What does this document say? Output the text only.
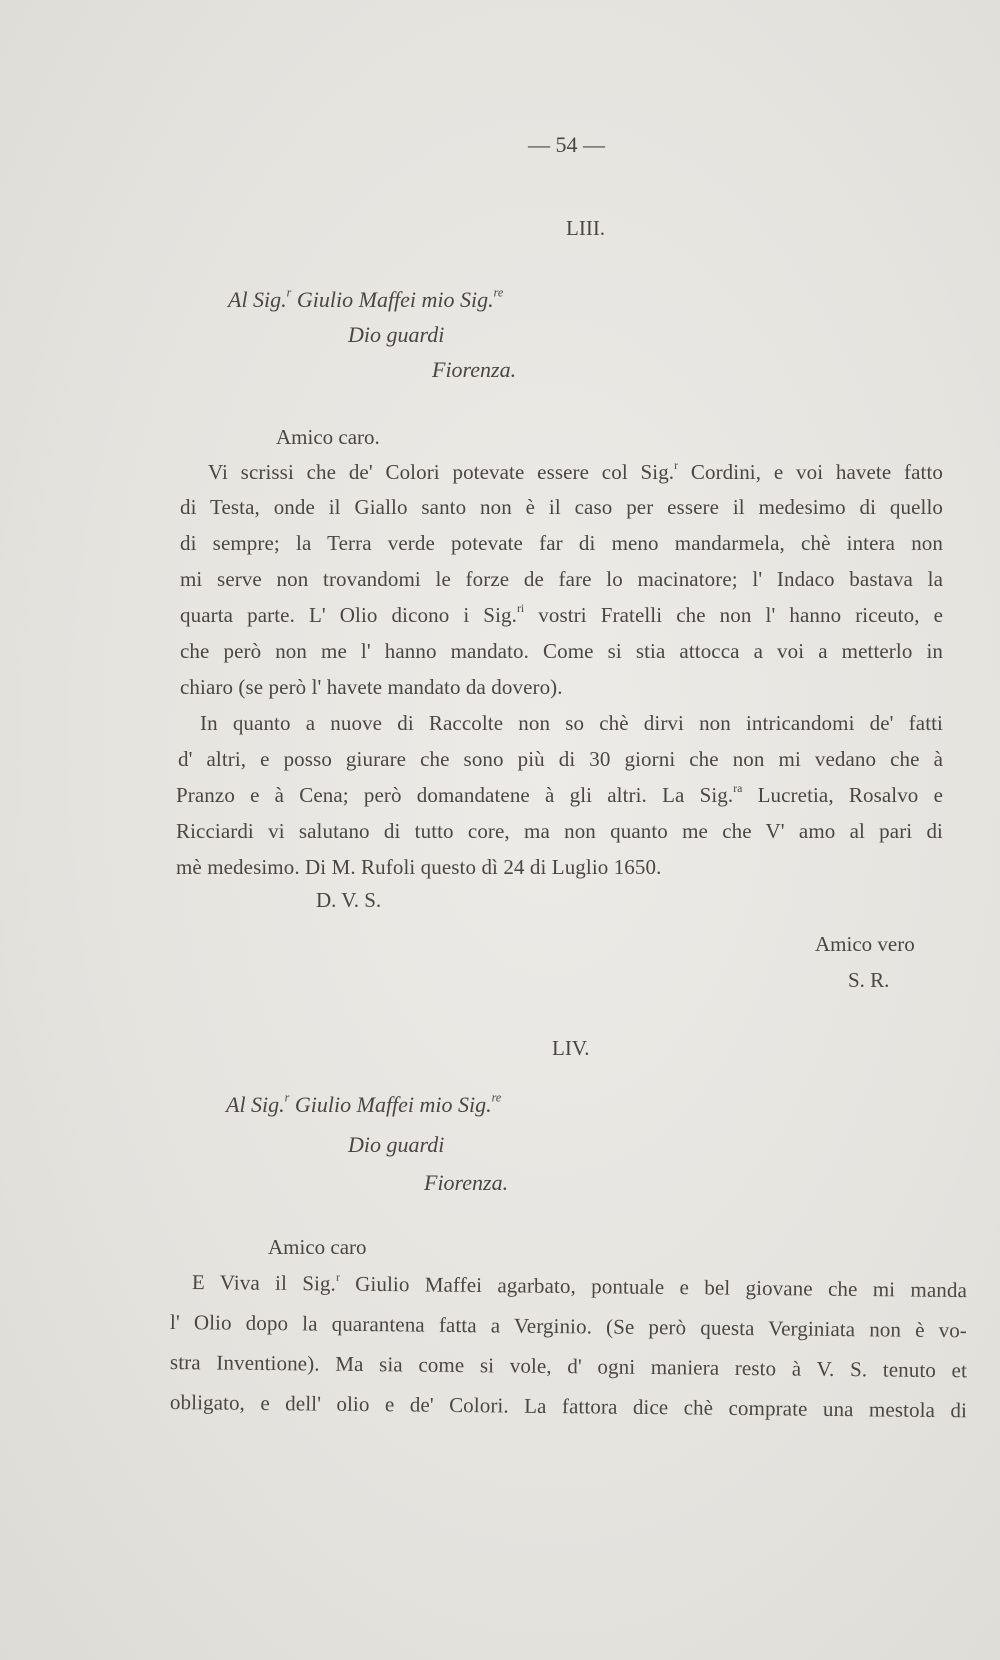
— 54 —
LIII.
Al Sig.$^r$ Giulio Maffei mio Sig.$^{re}$
Dio guardi
Fiorenza.
Amico caro.
Vi scrissi che de' Colori potevate essere col Sig.$^r$ Cordini, e voi havete fatto
di Testa, onde il Giallo santo non è il caso per essere il medesimo di quello
di sempre; la Terra verde potevate far di meno mandarmela, chè intera non
mi serve non trovandomi le forze de fare lo macinatore; l' Indaco bastava la
quarta parte. L' Olio dicono i Sig.$^{ri}$ vostri Fratelli che non l' hanno riceuto, e
che però non me l' hanno mandato. Come si stia attocca a voi a metterlo in
chiaro (se però l' havete mandato da dovero).
In quanto a nuove di Raccolte non so chè dirvi non intricandomi de' fatti
d' altri, e posso giurare che sono più di 30 giorni che non mi vedano che à
Pranzo e à Cena; però domandatene à gli altri. La Sig.$^{ra}$ Lucretia, Rosalvo e
Ricciardi vi salutano di tutto core, ma non quanto me che V' amo al pari di
mè medesimo. Di M. Rufoli questo dì 24 di Luglio 1650.
D. V. S.
Amico vero
S. R.
LIV.
Al Sig.$^r$ Giulio Maffei mio Sig.$^{re}$
Dio guardi
Fiorenza.
Amico caro
E Viva il Sig.$^r$ Giulio Maffei agarbato, pontuale e bel giovane che mi manda
l' Olio dopo la quarantena fatta a Verginio. (Se però questa Verginiata non è vo-
stra Inventione). Ma sia come si vole, d' ogni maniera resto à V. S. tenuto et
obligato, e dell' olio e de' Colori. La fattora dice chè comprate una mestola di
